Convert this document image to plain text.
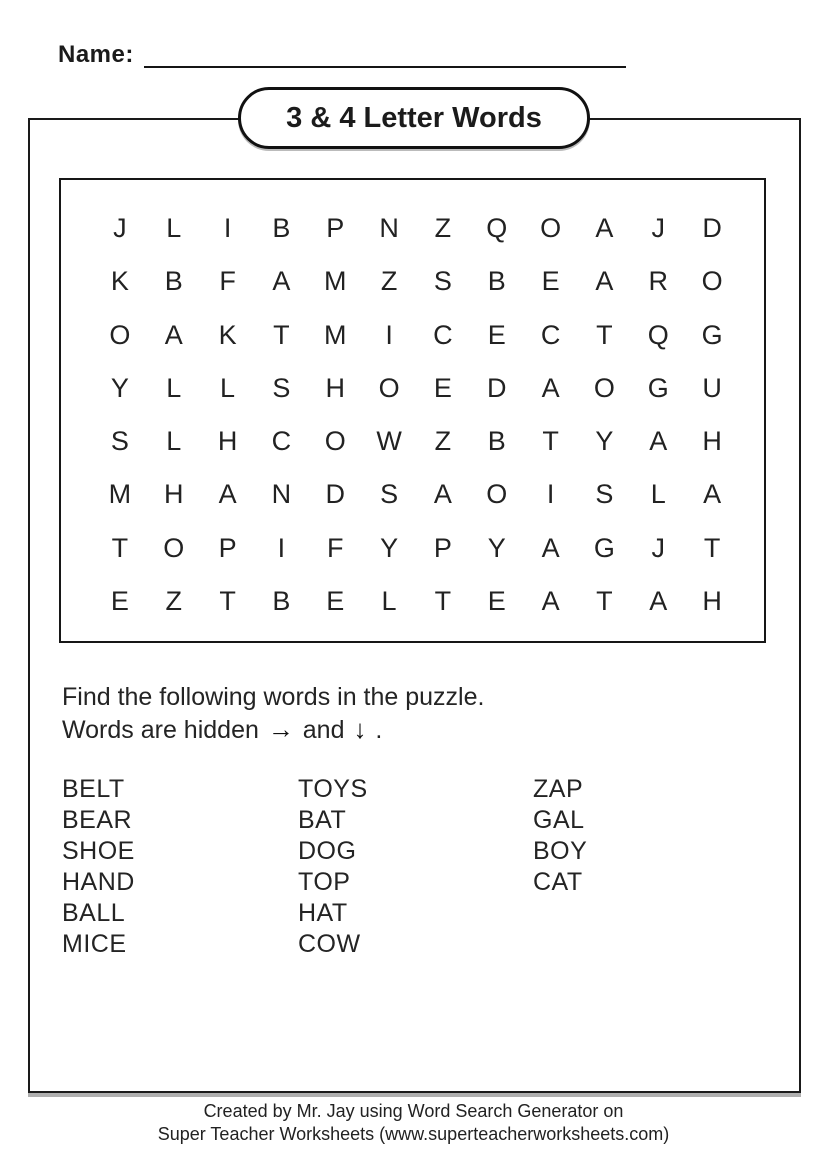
Name:
3 & 4 Letter Words
J	L	I	B	P	N	Z	Q	O	A	J	D
K	B	F	A	M	Z	S	B	E	A	R	O
O	A	K	T	M	I	C	E	C	T	Q	G
Y	L	L	S	H	O	E	D	A	O	G	U
S	L	H	C	O	W	Z	B	T	Y	A	H
M	H	A	N	D	S	A	O	I	S	L	A
T	O	P	I	F	Y	P	Y	A	G	J	T
E	Z	T	B	E	L	T	E	A	T	A	H
Find the following words in the puzzle.
Words are hidden → and ↓ .
BELT
BEAR
SHOE
HAND
BALL
MICE
TOYS
BAT
DOG
TOP
HAT
COW
ZAP
GAL
BOY
CAT
Created by Mr. Jay using Word Search Generator on
Super Teacher Worksheets (www.superteacherworksheets.com)
